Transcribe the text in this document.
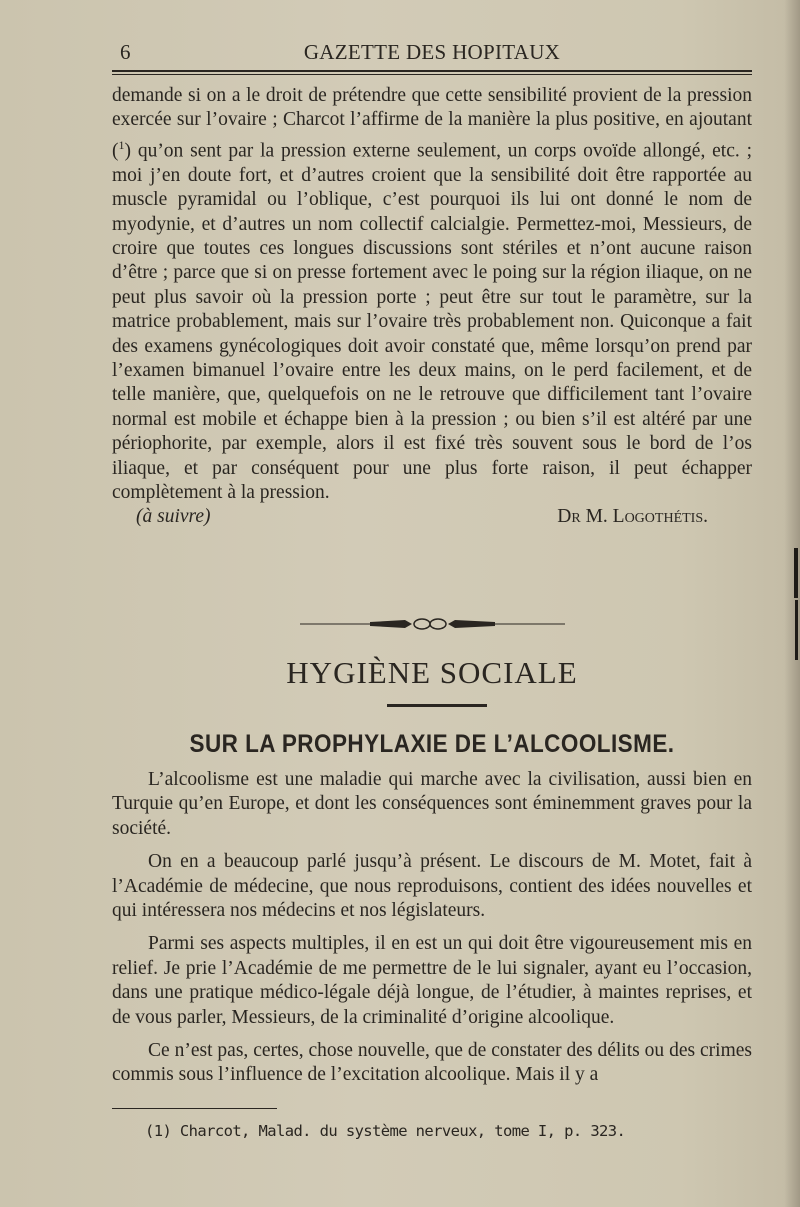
6	GAZETTE DES HOPITAUX

demande si on a le droit de prétendre que cette sensibilité provient de la pression exercée sur l’ovaire ; Charcot l’affirme de la manière la plus positive, en ajoutant ($^1$) qu’on sent par la pression externe seulement, un corps ovoïde allongé, etc. ; moi j’en doute fort, et d’autres croient que la sensibilité doit être rapportée au muscle pyramidal ou l’oblique, c’est pourquoi ils lui ont donné le nom de myodynie, et d’autres un nom collectif calcialgie. Permettez-moi, Messieurs, de croire que toutes ces longues discussions sont stériles et n’ont aucune raison d’être ; parce que si on presse fortement avec le poing sur la région iliaque, on ne peut plus savoir où la pression porte ; peut être sur tout le paramètre, sur la matrice probablement, mais sur l’ovaire très probablement non. Quiconque a fait des examens gynécologiques doit avoir constaté que, même lorsqu’on prend par l’examen bimanuel l’ovaire entre les deux mains, on le perd facilement, et de telle manière, que, quelquefois on ne le retrouve que difficilement tant l’ovaire normal est mobile et échappe bien à la pression ; ou bien s’il est altéré par une périophorite, par exemple, alors il est fixé très souvent sous le bord de l’os iliaque, et par conséquent pour une plus forte raison, il peut échapper complètement à la pression.

(à suivre)	Dr M. Logothétis.
HYGIÈNE SOCIALE
SUR LA PROPHYLAXIE DE L’ALCOOLISME.

L’alcoolisme est une maladie qui marche avec la civilisation, aussi bien en Turquie qu’en Europe, et dont les conséquences sont éminemment graves pour la société.

On en a beaucoup parlé jusqu’à présent. Le discours de M. Motet, fait à l’Académie de médecine, que nous reproduisons, contient des idées nouvelles et qui intéressera nos médecins et nos législateurs.

Parmi ses aspects multiples, il en est un qui doit être vigoureusement mis en relief. Je prie l’Académie de me permettre de le lui signaler, ayant eu l’occasion, dans une pratique médico-légale déjà longue, de l’étudier, à maintes reprises, et de vous parler, Messieurs, de la criminalité d’origine alcoolique.

Ce n’est pas, certes, chose nouvelle, que de constater des délits ou des crimes commis sous l’influence de l’excitation alcoolique. Mais il y a

(1) Charcot, Malad. du système nerveux, tome I, p. 323.
